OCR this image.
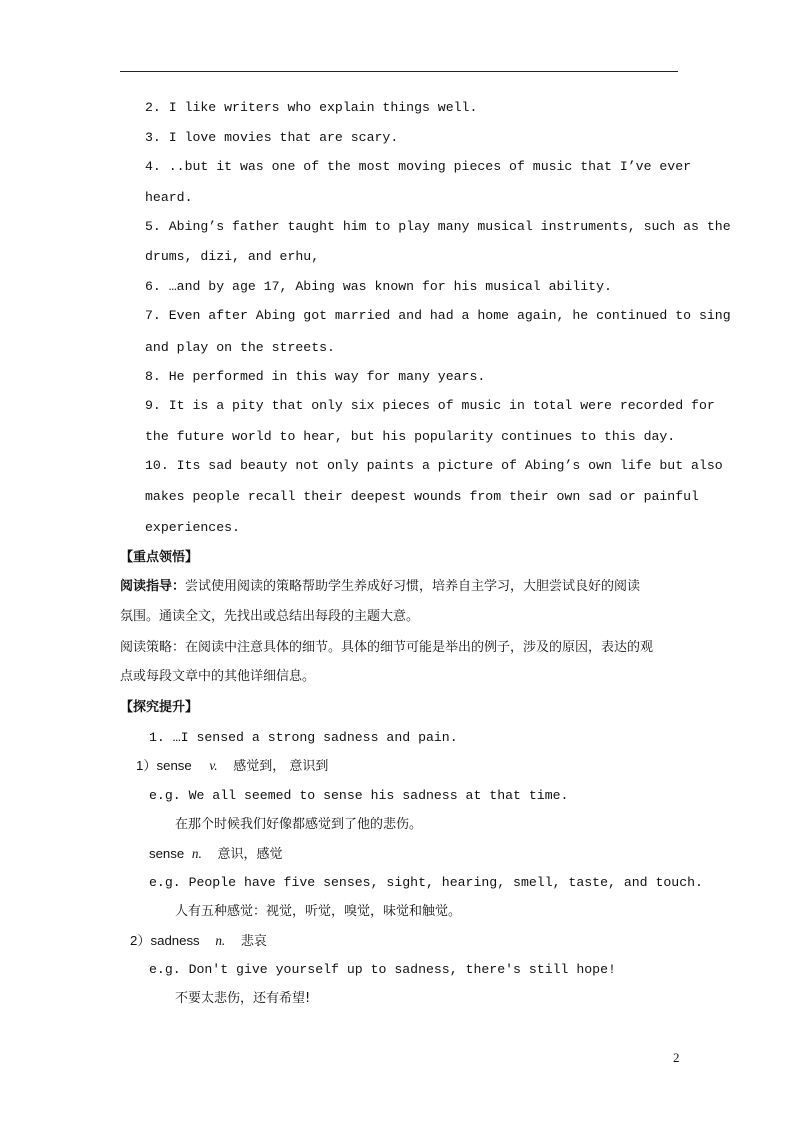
2. I like writers who explain things well.
3. I love movies that are scary.
4. ..but it was one of the most moving pieces of music that I’ve ever
heard.
5. Abing’s father taught him to play many musical instruments, such as the
drums, dizi, and erhu,
6. …and by age 17, Abing was known for his musical ability.
7. Even after Abing got married and had a home again, he continued to sing
and play on the streets.
8. He performed in this way for many years.
9. It is a pity that only six pieces of music in total were recorded for
the future world to hear, but his popularity continues to this day.
10. Its sad beauty not only paints a picture of Abing’s own life but also
makes people recall their deepest wounds from their own sad or painful
experiences.
【重点领悟】
阅读指导：尝试使用阅读的策略帮助学生养成好习惯，培养自主学习，大胆尝试良好的阅读
氛围。通读全文，先找出或总结出每段的主题大意。
阅读策略：在阅读中注意具体的细节。具体的细节可能是举出的例子，涉及的原因，表达的观
点或每段文章中的其他详细信息。
【探究提升】
1. …I sensed a strong sadness and pain.
1）sense v. 感觉到， 意识到
e.g. We all seemed to sense his sadness at that time.
在那个时候我们好像都感觉到了他的悲伤。
sense n. 意识，感觉
e.g. People have five senses, sight, hearing, smell, taste, and touch.
人有五种感觉：视觉，听觉，嗅觉，味觉和触觉。
2）sadness n. 悲哀
e.g. Don't give yourself up to sadness, there's still hope!
不要太悲伤，还有希望!
2
